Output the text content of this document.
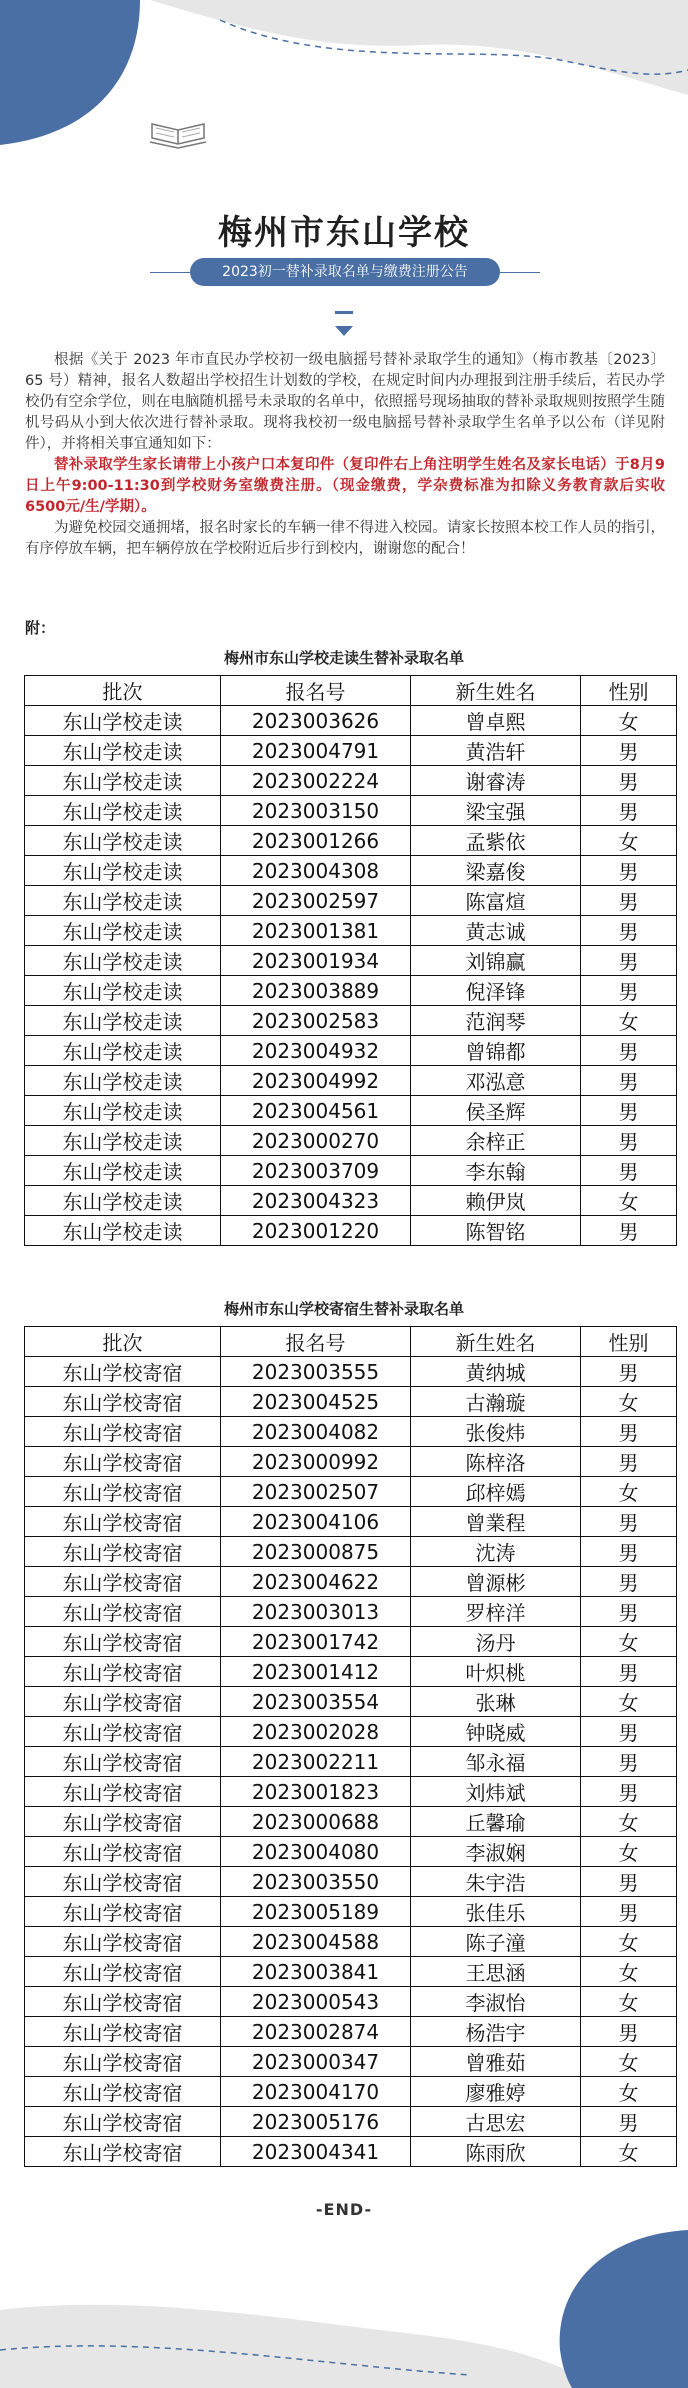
梅州市东山学校
2023初一替补录取名单与缴费注册公告

根据《关于 2023 年市直民办学校初一级电脑摇号替补录取学生的通知》（梅市教基〔2023〕65 号）精神，报名人数超出学校招生计划数的学校，在规定时间内办理报到注册手续后，若民办学校仍有空余学位，则在电脑随机摇号未录取的名单中，依照摇号现场抽取的替补录取规则按照学生随机号码从小到大依次进行替补录取。现将我校初一级电脑摇号替补录取学生名单予以公布（详见附件），并将相关事宜通知如下：

替补录取学生家长请带上小孩户口本复印件（复印件右上角注明学生姓名及家长电话）于8月9日上午9:00-11:30到学校财务室缴费注册。（现金缴费，学杂费标准为扣除义务教育款后实收6500元/生/学期）。

为避免校园交通拥堵，报名时家长的车辆一律不得进入校园。请家长按照本校工作人员的指引，有序停放车辆，把车辆停放在学校附近后步行到校内，谢谢您的配合！

附：
梅州市东山学校走读生替补录取名单
批次	报名号	新生姓名	性别
东山学校走读	2023003626	曾卓熙	女
东山学校走读	2023004791	黄浩轩	男
东山学校走读	2023002224	谢睿涛	男
东山学校走读	2023003150	梁宝强	男
东山学校走读	2023001266	孟紫依	女
东山学校走读	2023004308	梁嘉俊	男
东山学校走读	2023002597	陈富煊	男
东山学校走读	2023001381	黄志诚	男
东山学校走读	2023001934	刘锦赢	男
东山学校走读	2023003889	倪泽锋	男
东山学校走读	2023002583	范润琴	女
东山学校走读	2023004932	曾锦都	男
东山学校走读	2023004992	邓泓意	男
东山学校走读	2023004561	侯圣辉	男
东山学校走读	2023000270	余梓正	男
东山学校走读	2023003709	李东翰	男
东山学校走读	2023004323	赖伊岚	女
东山学校走读	2023001220	陈智铭	男
梅州市东山学校寄宿生替补录取名单
批次	报名号	新生姓名	性别
东山学校寄宿	2023003555	黄纳城	男
东山学校寄宿	2023004525	古瀚璇	女
东山学校寄宿	2023004082	张俊炜	男
东山学校寄宿	2023000992	陈梓洛	男
东山学校寄宿	2023002507	邱梓嫣	女
东山学校寄宿	2023004106	曾業程	男
东山学校寄宿	2023000875	沈涛	男
东山学校寄宿	2023004622	曾源彬	男
东山学校寄宿	2023003013	罗梓洋	男
东山学校寄宿	2023001742	汤丹	女
东山学校寄宿	2023001412	叶炽桃	男
东山学校寄宿	2023003554	张琳	女
东山学校寄宿	2023002028	钟晓威	男
东山学校寄宿	2023002211	邹永福	男
东山学校寄宿	2023001823	刘炜斌	男
东山学校寄宿	2023000688	丘馨瑜	女
东山学校寄宿	2023004080	李淑娴	女
东山学校寄宿	2023003550	朱宇浩	男
东山学校寄宿	2023005189	张佳乐	男
东山学校寄宿	2023004588	陈子潼	女
东山学校寄宿	2023003841	王思涵	女
东山学校寄宿	2023000543	李淑怡	女
东山学校寄宿	2023002874	杨浩宇	男
东山学校寄宿	2023000347	曾雅茹	女
东山学校寄宿	2023004170	廖雅婷	女
东山学校寄宿	2023005176	古思宏	男
东山学校寄宿	2023004341	陈雨欣	女
-END-
